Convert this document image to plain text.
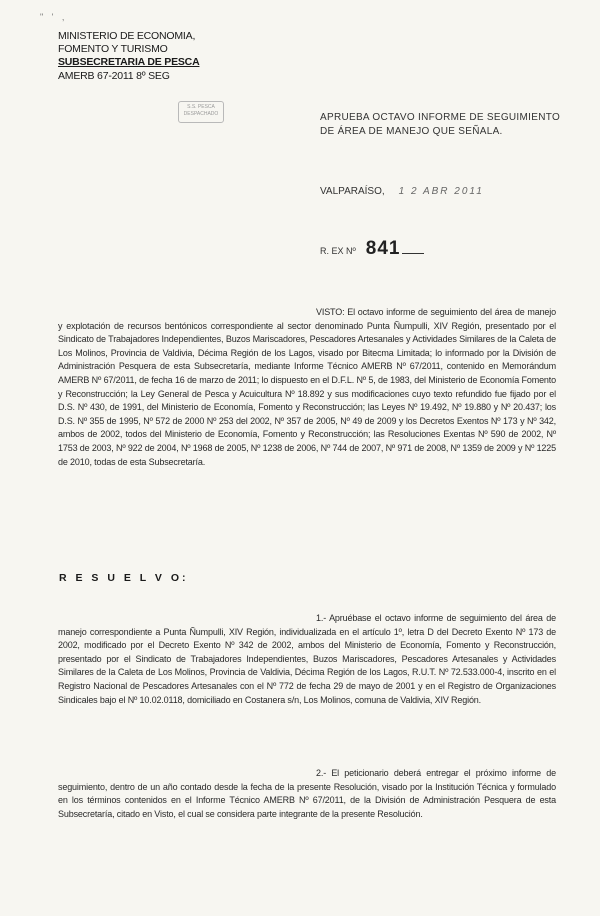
" ' ,
MINISTERIO DE ECONOMIA,
FOMENTO Y TURISMO
SUBSECRETARIA DE PESCA
AMERB 67-2011 8º SEG
S.S. PESCA
DESPACHADO	APRUEBA OCTAVO INFORME DE SEGUIMIENTO DE ÁREA DE MANEJO QUE SEÑALA.
VALPARAÍSO, 1 2 ABR 2011
R. EX Nº 841
VISTO: El octavo informe de seguimiento del área de manejo y explotación de recursos bentónicos correspondiente al sector denominado Punta Ñumpulli, XIV Región, presentado por el Sindicato de Trabajadores Independientes, Buzos Mariscadores, Pescadores Artesanales y Actividades Similares de la Caleta de Los Molinos, Provincia de Valdivia, Décima Región de los Lagos, visado por Bitecma Limitada; lo informado por la División de Administración Pesquera de esta Subsecretaría, mediante Informe Técnico AMERB Nº 67/2011, contenido en Memorándum AMERB Nº 67/2011, de fecha 16 de marzo de 2011; lo dispuesto en el D.F.L. Nº 5, de 1983, del Ministerio de Economía Fomento y Reconstrucción; la Ley General de Pesca y Acuicultura Nº 18.892 y sus modificaciones cuyo texto refundido fue fijado por el D.S. Nº 430, de 1991, del Ministerio de Economía, Fomento y Reconstrucción; las Leyes Nº 19.492, Nº 19.880 y Nº 20.437; los D.S. Nº 355 de 1995, Nº 572 de 2000 Nº 253 del 2002, Nº 357 de 2005, Nº 49 de 2009 y los Decretos Exentos Nº 173 y Nº 342, ambos de 2002, todos del Ministerio de Economía, Fomento y Reconstrucción; las Resoluciones Exentas Nº 590 de 2002, Nº 1753 de 2003, Nº 922 de 2004, Nº 1968 de 2005, Nº 1238 de 2006, Nº 744 de 2007, Nº 971 de 2008, Nº 1359 de 2009 y Nº 1225 de 2010, todas de esta Subsecretaría.
R E S U E L V O:
1.- Apruébase el octavo informe de seguimiento del área de manejo correspondiente a Punta Ñumpulli, XIV Región, individualizada en el artículo 1º, letra D del Decreto Exento Nº 173 de 2002, modificado por el Decreto Exento Nº 342 de 2002, ambos del Ministerio de Economía, Fomento y Reconstrucción, presentado por el Sindicato de Trabajadores Independientes, Buzos Mariscadores, Pescadores Artesanales y Actividades Similares de la Caleta de Los Molinos, Provincia de Valdivia, Décima Región de los Lagos, R.U.T. Nº 72.533.000-4, inscrito en el Registro Nacional de Pescadores Artesanales con el Nº 772 de fecha 29 de mayo de 2001 y en el Registro de Organizaciones Sindicales bajo el Nº 10.02.0118, domiciliado en Costanera s/n, Los Molinos, comuna de Valdivia, XIV Región.
2.- El peticionario deberá entregar el próximo informe de seguimiento, dentro de un año contado desde la fecha de la presente Resolución, visado por la Institución Técnica y formulado en los términos contenidos en el Informe Técnico AMERB Nº 67/2011, de la División de Administración Pesquera de esta Subsecretaría, citado en Visto, el cual se considera parte integrante de la presente Resolución.
